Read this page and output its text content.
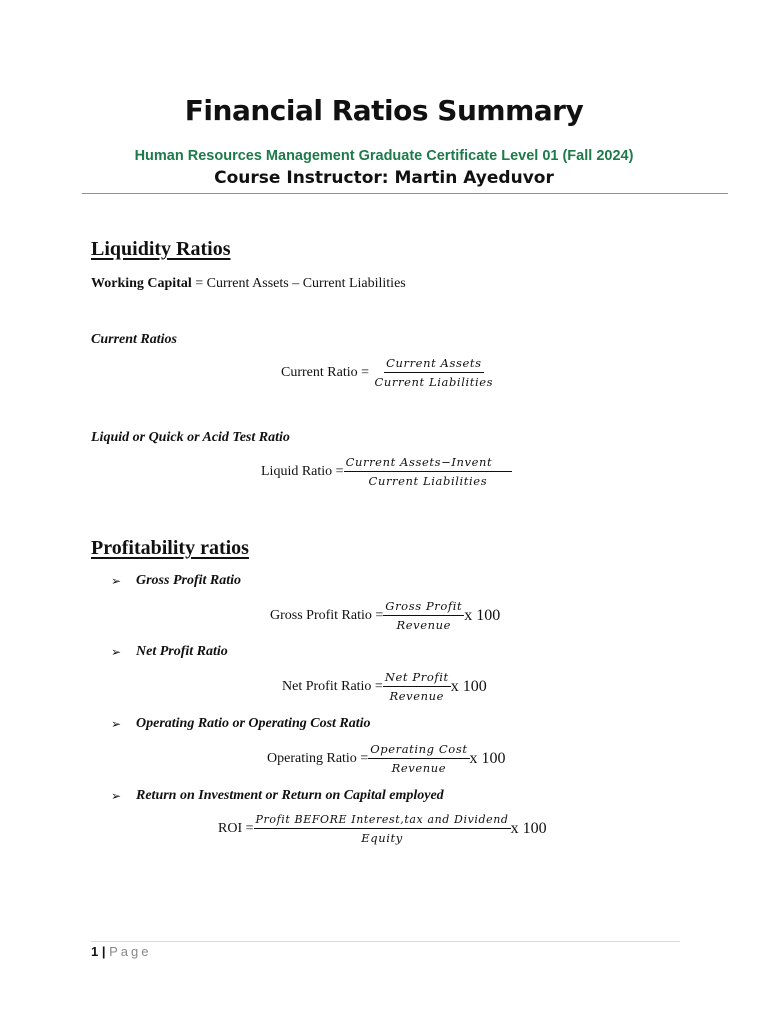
Financial Ratios Summary
Human Resources Management Graduate Certificate Level 01 (Fall 2024)
Course Instructor: Martin Ayeduvor
Liquidity Ratios
Working Capital = Current Assets – Current Liabilities
Current Ratios
Current Ratio = $\frac{\text{Current Assets}}{\text{Current Liabilities}}$
Liquid or Quick or Acid Test Ratio
Liquid Ratio = $\frac{\text{Current Assets−Invent}}{\text{Current Liabilities}}$
Profitability ratios
➢	Gross Profit Ratio
Gross Profit Ratio = $\frac{\text{Gross Profit}}{\text{Revenue}}$ x 100
➢	Net Profit Ratio
Net Profit Ratio = $\frac{\text{Net Profit}}{\text{Revenue}}$ x 100
➢	Operating Ratio or Operating Cost Ratio
Operating Ratio = $\frac{\text{Operating Cost}}{\text{Revenue}}$ x 100
➢	Return on Investment or Return on Capital employed
ROI = $\frac{\text{Profit BEFORE Interest,tax and Dividend}}{\text{Equity}}$ x 100
1 | Page
